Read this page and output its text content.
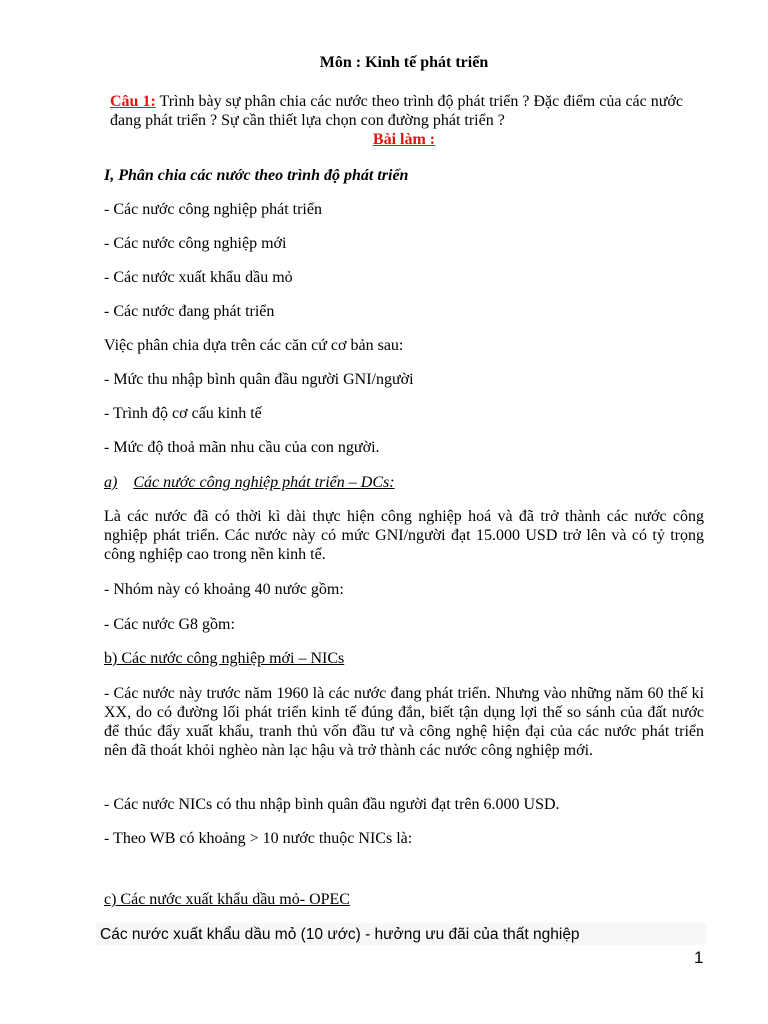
Môn : Kinh tế phát triển

Câu 1: Trình bày sự phân chia các nước theo trình độ phát triển ? Đặc điểm của các nước đang phát triển ? Sự cần thiết lựa chọn con đường phát triển ?

Bài làm :

I, Phân chia các nước theo trình độ phát triển

- Các nước công nghiệp phát triển

- Các nước công nghiệp mới

- Các nước xuất khẩu dầu mỏ

- Các nước đang phát triển

Việc phân chia dựa trên các căn cứ cơ bản sau:

- Mức thu nhập bình quân đầu người GNI/người

- Trình độ cơ cấu kinh tế

- Mức độ thoả mãn nhu cầu của con người.

a) Các nước công nghiệp phát triển – DCs:

Là các nước đã có thời kì dài thực hiện công nghiệp hoá và đã trở thành các nước công nghiệp phát triển. Các nước này có mức GNI/người đạt 15.000 USD trở lên và có tỷ trọng công nghiệp cao trong nền kinh tế.

- Nhóm này có khoảng 40 nước gồm:

- Các nước G8 gồm:

b) Các nước công nghiệp mới – NICs

- Các nước này trước năm 1960 là các nước đang phát triển. Nhưng vào những năm 60 thế kỉ XX, do có đường lối phát triển kinh tế đúng đắn, biết tận dụng lợi thế so sánh của đất nước để thúc đẩy xuất khẩu, tranh thủ vốn đầu tư và công nghệ hiện đại của các nước phát triển nên đã thoát khỏi nghèo nàn lạc hậu và trở thành các nước công nghiệp mới.

- Các nước NICs có thu nhập bình quân đầu người đạt trên 6.000 USD.

- Theo WB có khoảng > 10 nước thuộc NICs là:

c) Các nước xuất khẩu dầu mỏ- OPEC

Các nước xuất khẩu dầu mỏ (10 ước) - hưởng ưu đãi của thất nghiệp

1
